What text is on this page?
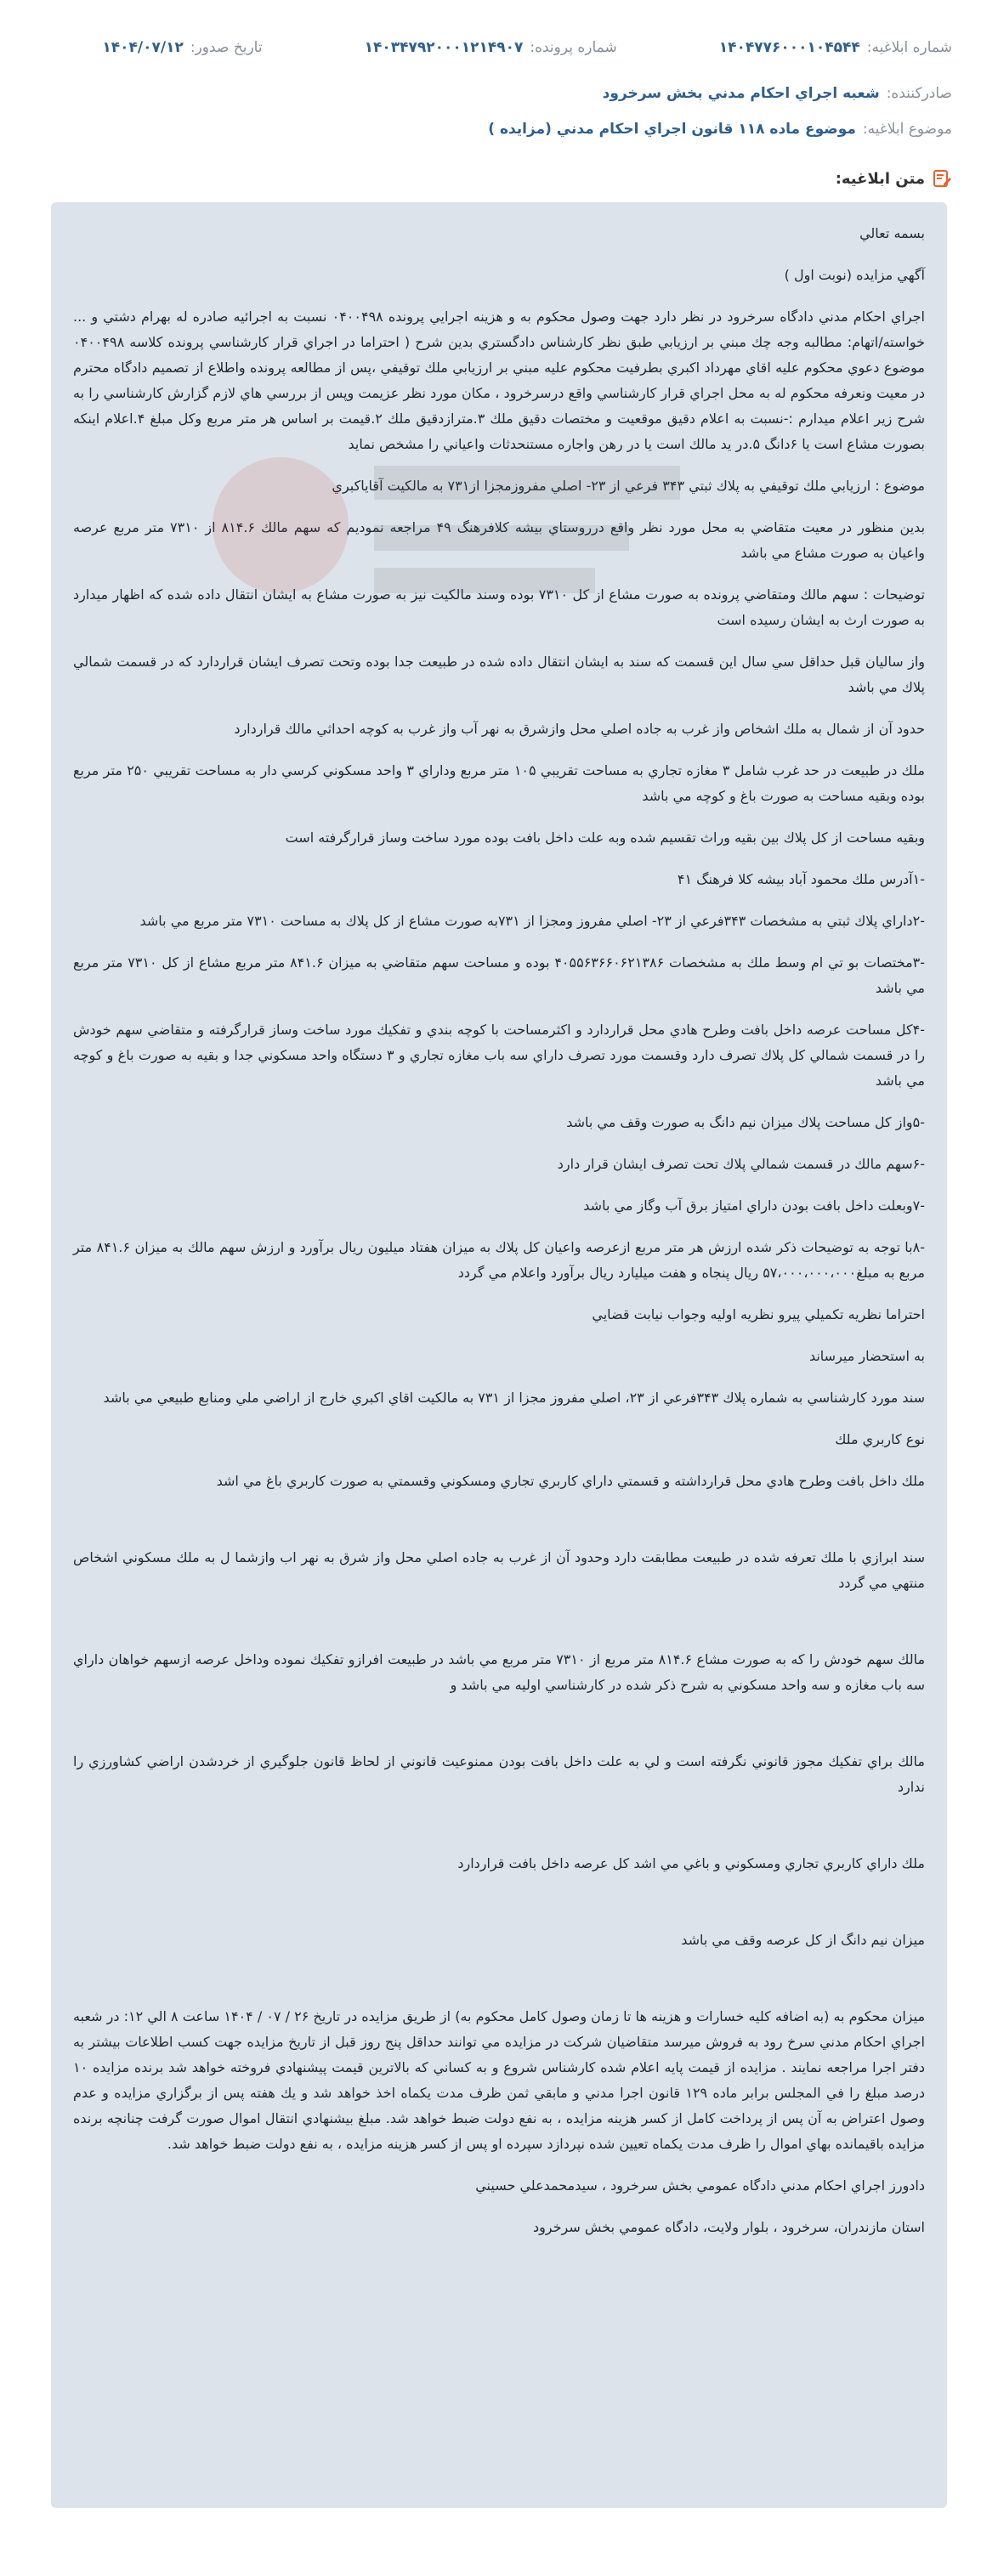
شماره ابلاغیه:
۱۴۰۴۷۷۶۰۰۰۱۰۴۵۴۴
شماره پرونده:
۱۴۰۳۴۷۹۲۰۰۰۱۲۱۴۹۰۷
تاریخ صدور:
۱۴۰۴/۰۷/۱۲
صادرکننده:
شعبه اجراي احكام مدني بخش سرخرود
موضوع ابلاغیه:
موضوع ماده ۱۱۸ قانون اجراي احكام مدني (مزايده )
متن ابلاغیه:

بسمه تعالي

آگهي مزايده (نوبت اول )

اجراي احكام مدني دادگاه سرخرود در نظر دارد جهت وصول محكوم به و هزينه اجرايي پرونده ۰۴۰۰۴۹۸ نسبت به اجرائيه صادره له بهرام دشتي و ... خواسته/اتهام: مطالبه وجه چك مبني بر ارزيابي طبق نظر كارشناس دادگستري بدين شرح ( احتراما در اجراي قرار كارشناسي پرونده كلاسه ۰۴۰۰۴۹۸ موضوع دعوي محكوم عليه اقاي مهرداد اكبري بطرفيت محكوم عليه مبني بر ارزيابي ملك توقيفي ،پس از مطالعه پرونده واطلاع از تصميم دادگاه محترم در معيت ونعرفه محكوم له به محل اجراي قرار كارشناسي واقع درسرخرود ، مكان مورد نظر عزيمت وپس از بررسي هاي لازم گزارش كارشناسي را به شرح زير اعلام ميدارم :-نسبت به اعلام دقيق موقعيت و مختصات دقيق ملك ۳.مترازدقيق ملك ۲.قيمت بر اساس هر متر مربع وكل مبلغ ۴.اعلام اينكه بصورت مشاع است يا ۶دانگ ۵.در يد مالك است يا در رهن واجاره مستنحدثات واعياني را مشخص نمايد

موضوع : ارزيابي ملك توقيفي به پلاك ثبتي ۳۴۳ فرعي از ۲۳- اصلي مفروزمجزا از۷۳۱ به مالكيت آقاياكبري

بدين منظور در معيت متقاضي به محل مورد نظر واقع درروستاي بيشه كلافرهنگ ۴۹ مراجعه نموديم كه سهم مالك ۸۱۴.۶ از ۷۳۱۰ متر مربع عرصه واعيان به صورت مشاع مي باشد

توضيحات : سهم مالك ومتقاضي پرونده به صورت مشاع از كل ۷۳۱۰ بوده وسند مالكيت نيز به صورت مشاع به ايشان انتقال داده شده كه اظهار ميدارد به صورت ارث به ايشان رسيده است

واز سالیان قبل حداقل سي سال اين قسمت كه سند به ايشان انتقال داده شده در طبيعت جدا بوده وتحت تصرف ايشان قراردارد كه در قسمت شمالي پلاك مي باشد

حدود آن از شمال به ملك اشخاص واز غرب به جاده اصلي محل وازشرق به نهر آب واز غرب به كوچه احداثي مالك قراردارد

ملك در طبيعت در حد غرب شامل ۳ مغازه تجاري به مساحت تقريبي ۱۰۵ متر مربع وداراي ۳ واحد مسكوني كرسي دار به مساحت تقريبي ۲۵۰ متر مربع بوده وبقيه مساحت به صورت باغ و كوچه مي باشد

وبقيه مساحت از كل پلاك بين بقيه وراث تقسيم شده وبه علت داخل بافت بوده مورد ساخت وساز قرارگرفته است

-۱آدرس ملك محمود آباد بيشه كلا فرهنگ ۴۱

-۲داراي پلاك ثبتي به مشخصات ۳۴۳فرعي از ۲۳- اصلي مفروز ومجزا از ۷۳۱به صورت مشاع از كل پلاك به مساحت ۷۳۱۰ متر مربع مي باشد

-۳مختصات بو تي ام وسط ملك به مشخصات ۴۰۵۵۶۳۶۶۰۶۲۱۳۸۶ بوده و مساحت سهم متقاضي به ميزان ۸۴۱.۶ متر مربع مشاع از كل ۷۳۱۰ متر مربع مي باشد

-۴كل مساحت عرصه داخل بافت وطرح هادي محل قراردارد و اكثرمساحت با كوچه بندي و تفكيك مورد ساخت وساز قرارگرفته و متقاضي سهم خودش را در قسمت شمالي كل پلاك تصرف دارد وقسمت مورد تصرف داراي سه باب مغازه تجاري و ۳ دستگاه واحد مسكوني جدا و بقيه به صورت باغ و كوچه مي باشد

-۵واز كل مساحت پلاك ميزان نيم دانگ به صورت وقف مي باشد

-۶سهم مالك در قسمت شمالي پلاك تحت تصرف ايشان قرار دارد

-۷وبعلت داخل بافت بودن داراي امتياز برق آب وگاز مي باشد

-۸با توجه به توضيحات ذكر شده ارزش هر متر مربع ازعرصه واعيان كل پلاك به ميزان هفتاد ميليون ريال برآورد و ارزش سهم مالك به ميزان ۸۴۱.۶ متر مربع به مبلغ۵۷،۰۰۰،۰۰۰،۰۰۰ ريال پنجاه و هفت ميليارد ريال برآورد واعلام مي گردد

احتراما نظريه تكميلي پيرو نظريه اوليه وجواب نيابت قضايي

به استحضار ميرساند

سند مورد كارشناسي به شماره پلاك ۳۴۳فرعي از ۲۳، اصلي مفروز مجزا از ۷۳۱ به مالكيت اقاي اكبري خارج از اراضي ملي ومنابع طبيعي مي باشد

نوع كاربري ملك

ملك داخل بافت وطرح هادي محل قرارداشته و قسمتي داراي كاربري تجاري ومسكوني وقسمتي به صورت كاربري باغ مي اشد

سند ابرازي با ملك تعرفه شده در طبيعت مطابقت دارد وحدود آن از غرب به جاده اصلي محل واز شرق به نهر اب وازشما ل به ملك مسكوني اشخاص منتهي مي گردد

مالك سهم خودش را كه به صورت مشاع ۸۱۴.۶ متر مربع از ۷۳۱۰ متر مربع مي باشد در طبيعت افرازو تفكيك نموده وداخل عرصه ازسهم خواهان داراي سه باب مغازه و سه واحد مسكوني به شرح ذكر شده در كارشناسي اوليه مي باشد و

مالك براي تفكيك مجوز قانوني نگرفته است و لي به علت داخل بافت بودن ممنوعيت قانوني از لحاظ قانون جلوگيري از خردشدن اراضي كشاورزي را ندارد

ملك داراي كاربري تجاري ومسكوني و باغي مي اشد كل عرصه داخل بافت قراردارد

ميزان نيم دانگ از كل عرصه وقف مي باشد

ميزان محكوم به (به اضافه كليه خسارات و هزينه ها تا زمان وصول كامل محكوم به) از طريق مزايده در تاريخ ۲۶ / ۰۷ / ۱۴۰۴ ساعت ۸ الي ۱۲: در شعبه اجراي احكام مدني سرخ رود به فروش ميرسد متقاضيان شركت در مزايده مي توانند حداقل پنج روز قبل از تاريخ مزايده جهت كسب اطلاعات بيشتر به دفتر اجرا مراجعه نمايند . مزايده از قيمت پايه اعلام شده كارشناس شروع و به كساني كه بالاترين قيمت پيشنهادي فروخته خواهد شد برنده مزايده ۱۰ درصد مبلغ را في المجلس برابر ماده ۱۲۹ قانون اجرا مدني و مابقي ثمن ظرف مدت يكماه اخذ خواهد شد و يك هفته پس از برگزاري مزايده و عدم وصول اعتراض به آن پس از پرداخت كامل از كسر هزينه مزايده ، به نفع دولت ضبط خواهد شد. مبلغ بيشنهادي انتقال اموال صورت گرفت چنانچه برنده مزايده باقيمانده بهاي اموال را ظرف مدت يكماه تعيين شده نپردازد سپرده او پس از كسر هزينه مزايده ، به نفع دولت ضبط خواهد شد.

دادورز اجراي احكام مدني دادگاه عمومي بخش سرخرود ، سيدمحمدعلي حسيني

استان مازندران، سرخرود ، بلوار ولايت، دادگاه عمومي بخش سرخرود
